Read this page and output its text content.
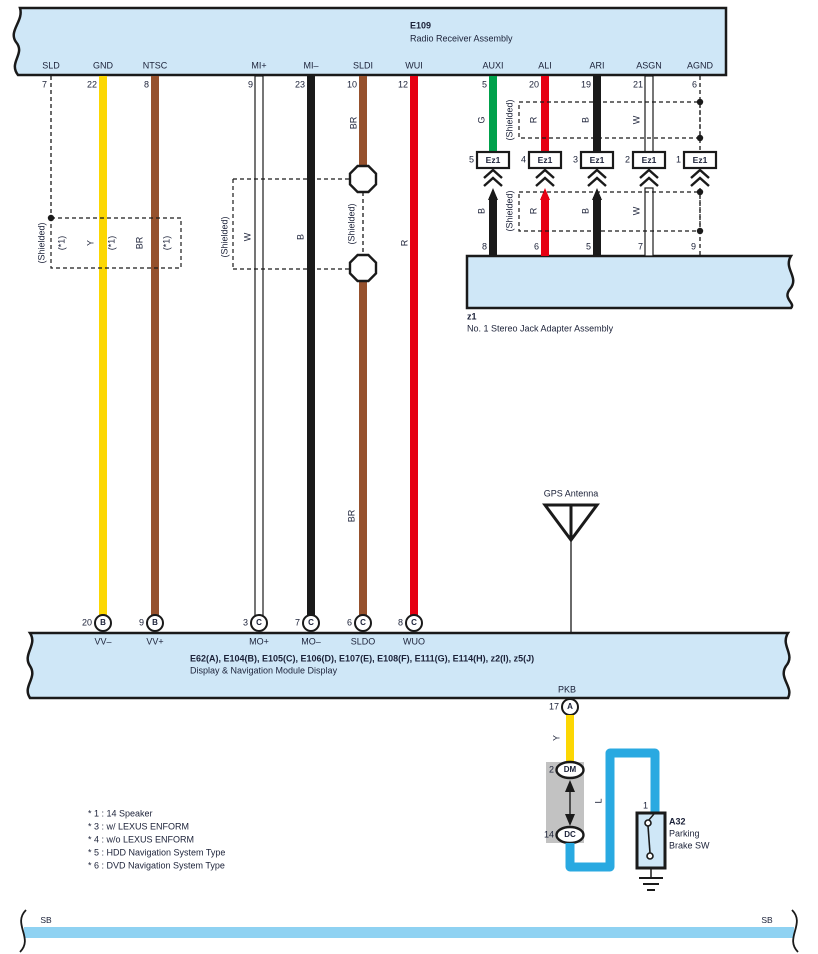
E109
Radio Receiver Assembly
SLD	GND	NTSC	MI+	MI–	SLDI	WUI	AUXI	ALI	ARI	ASGN	AGND
7	22	8	9	23	10	12	5	20	19	21	6
(Shielded) (*1) Y (*1) BR (*1)	(Shielded) W	B
BR
(Shielded)
BR
R
G (Shielded) R	B	W
B (Shielded) R	B	W
Ez1	Ez1	Ez1	Ez1	Ez1
5	4	3	2	1
8	6	5	7	9
z1
No. 1 Stereo Jack Adapter Assembly
GPS Antenna
20	9	3	7	6	8
B	B	C	C	C	C
VV–	VV+	MO+	MO–	SLDO	WUO
E62(A), E104(B), E105(C), E106(D), E107(E), E108(F), E111(G), E114(H), z2(I), z5(J)
Display & Navigation Module Display
PKB
17 A
Y
2 DM
14 DC
L	1
A32
Parking
Brake SW
* 1 : 14 Speaker
* 3 : w/ LEXUS ENFORM
* 4 : w/o LEXUS ENFORM
* 5 : HDD Navigation System Type
* 6 : DVD Navigation System Type
SB	SB
